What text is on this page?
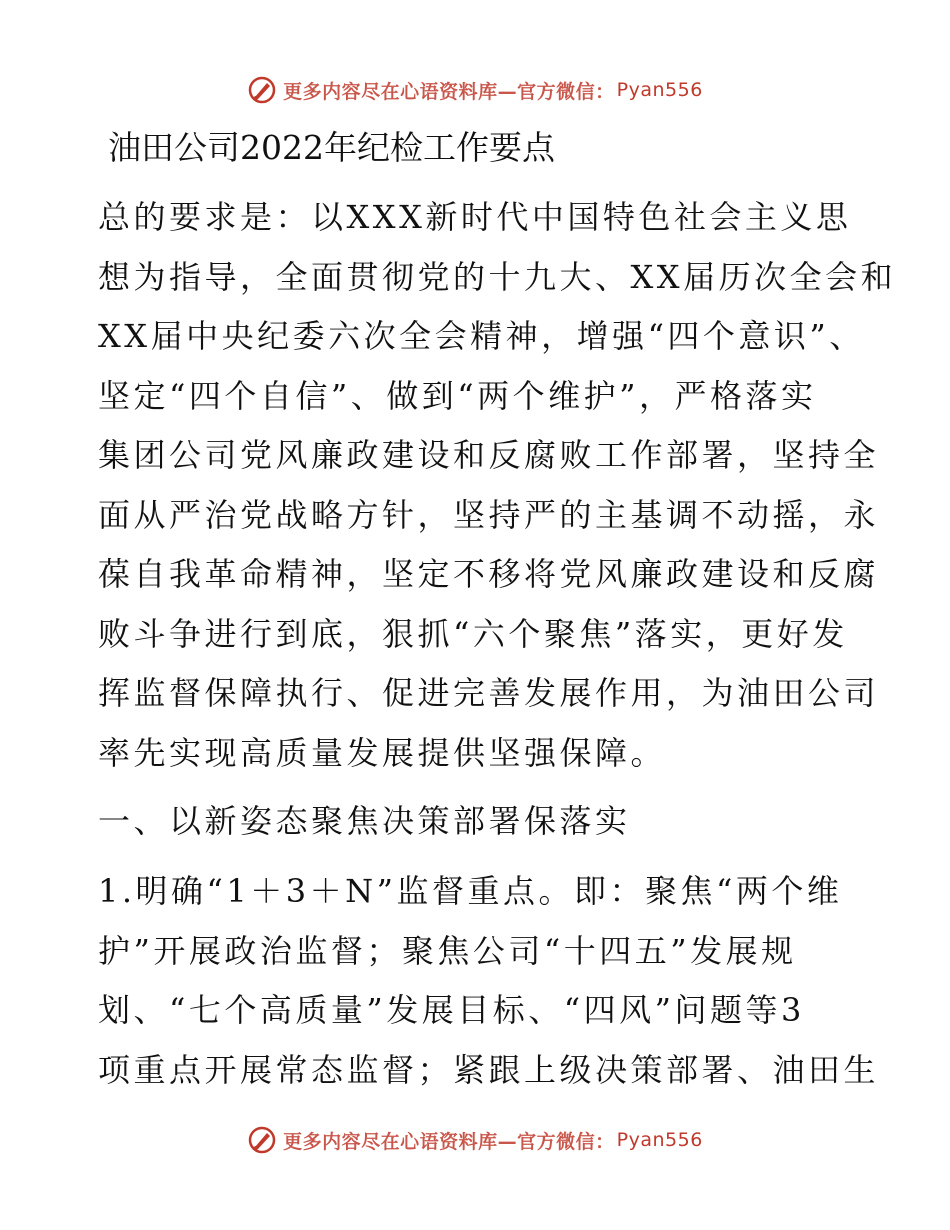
更多内容尽在心语资料库—官方微信： Pyan556
油田公司2022年纪检工作要点
总的要求是：以XXX新时代中国特色社会主义思
想为指导，全面贯彻党的十九大、XX届历次全会和
XX届中央纪委六次全会精神，增强“四个意识”、
坚定“四个自信”、做到“两个维护”，严格落实
集团公司党风廉政建设和反腐败工作部署，坚持全
面从严治党战略方针，坚持严的主基调不动摇，永
葆自我革命精神，坚定不移将党风廉政建设和反腐
败斗争进行到底，狠抓“六个聚焦”落实，更好发
挥监督保障执行、促进完善发展作用，为油田公司
率先实现高质量发展提供坚强保障。
一、以新姿态聚焦决策部署保落实
1.明确“1＋3＋N”监督重点。即：聚焦“两个维
护”开展政治监督；聚焦公司“十四五”发展规
划、“七个高质量”发展目标、“四风”问题等3
项重点开展常态监督；紧跟上级决策部署、油田生
更多内容尽在心语资料库—官方微信： Pyan556
